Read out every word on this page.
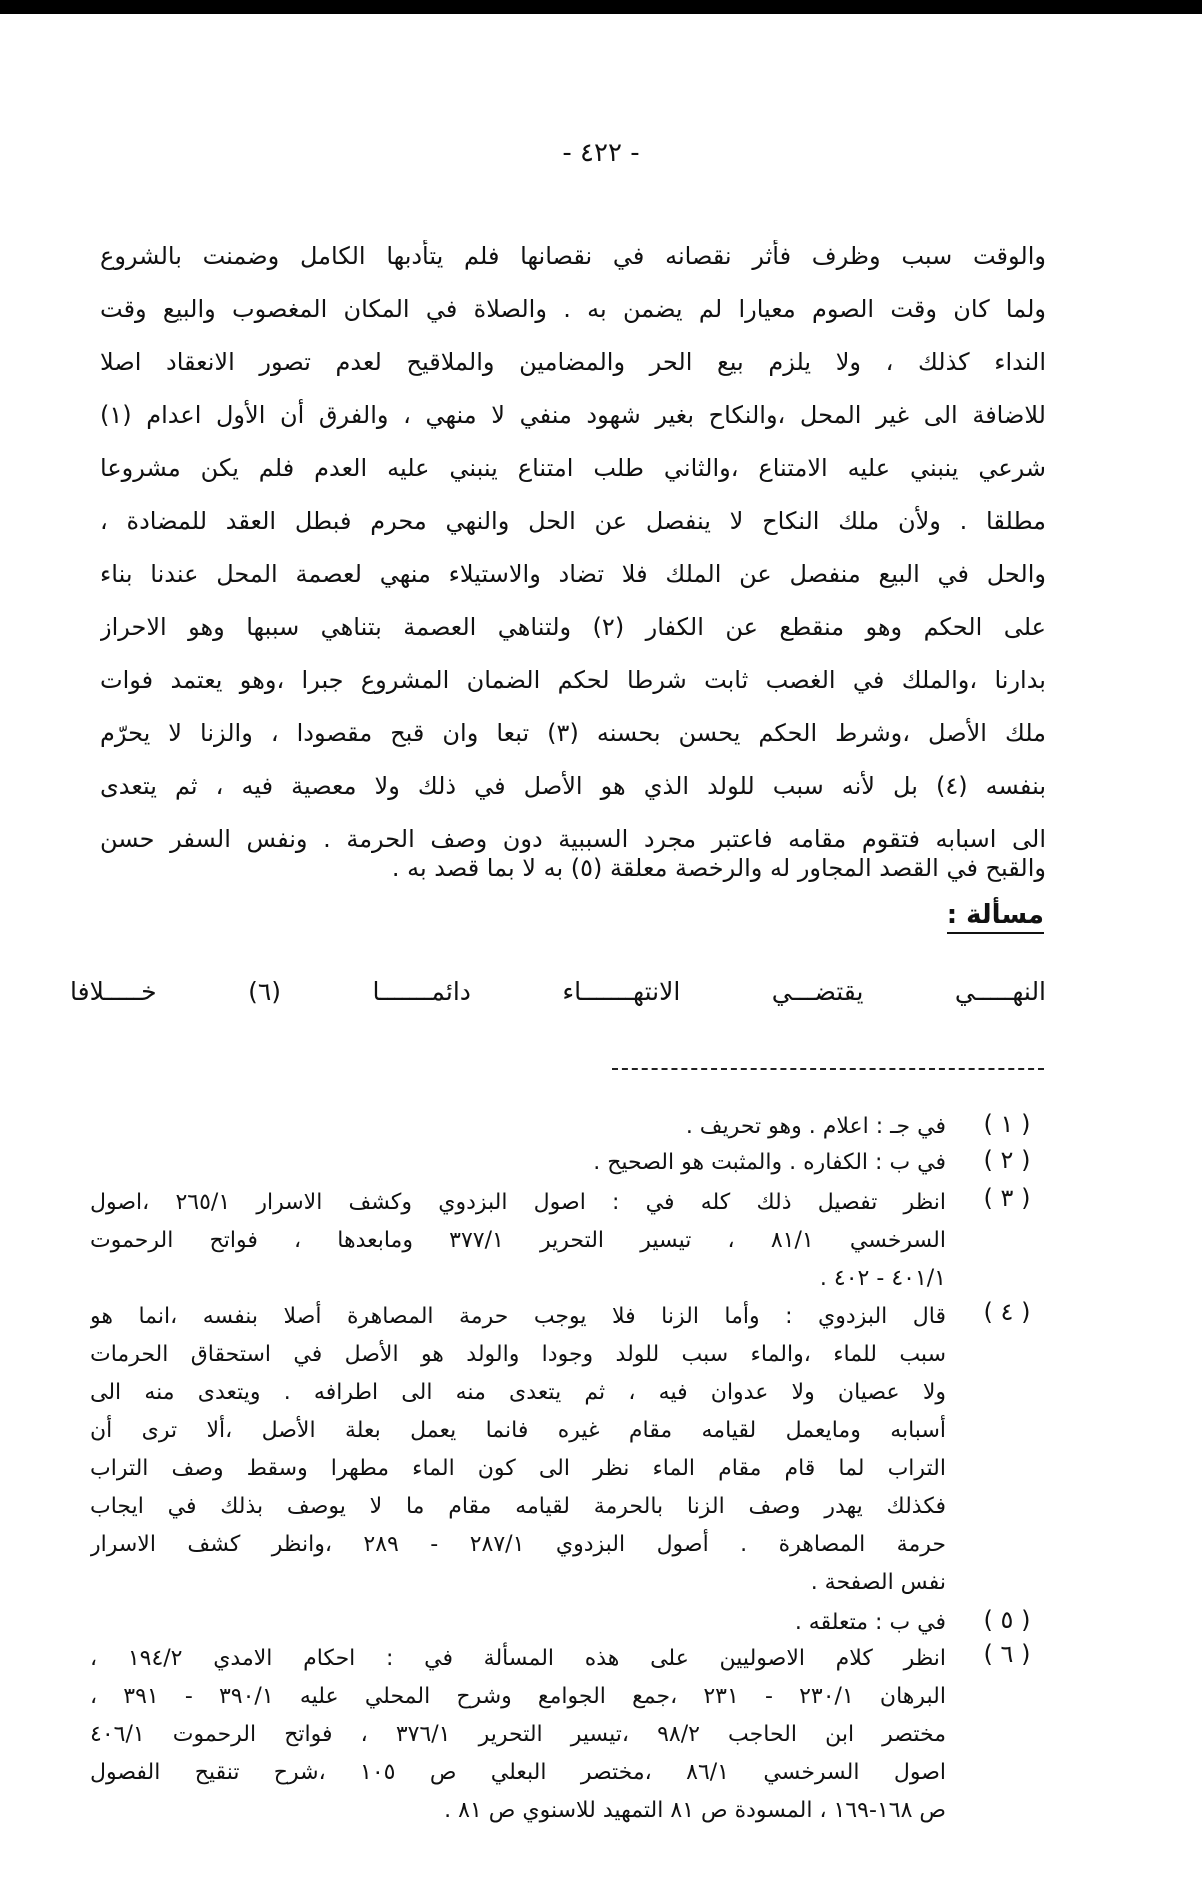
- ٤٢٢ -
والوقت سبب وظرف فأثر نقصانه في نقصانها فلم يتأدبها الكامل وضمنت بالشروع
ولما كان وقت الصوم معيارا لم يضمن به . والصلاة في المكان المغصوب والبيع وقت
النداء كذلك ، ولا يلزم بيع الحر والمضامين والملاقيح لعدم تصور الانعقاد اصلا
للاضافة الى غير المحل ،والنكاح بغير شهود منفي لا منهي ، والفرق أن الأول اعدام (١)
شرعي ينبني عليه الامتناع ،والثاني طلب امتناع ينبني عليه العدم فلم يكن مشروعا
مطلقا . ولأن ملك النكاح لا ينفصل عن الحل والنهي محرم فبطل العقد للمضادة ،
والحل في البيع منفصل عن الملك فلا تضاد والاستيلاء منهي لعصمة المحل عندنا بناء
على الحكم وهو منقطع عن الكفار (٢) ولتناهي العصمة بتناهي سببها وهو الاحراز
بدارنا ،والملك في الغصب ثابت شرطا لحكم الضمان المشروع جبرا ،وهو يعتمد فوات
ملك الأصل ،وشرط الحكم يحسن بحسنه (٣) تبعا وان قبح مقصودا ، والزنا لا يحرّم
بنفسه (٤) بل لأنه سبب للولد الذي هو الأصل في ذلك ولا معصية فيه ، ثم يتعدى
الى اسبابه فتقوم مقامه فاعتبر مجرد السببية دون وصف الحرمة . ونفس السفر حسن
والقبح في القصد المجاور له والرخصة معلقة (٥) به لا بما قصد به .
مسألة :
النهـــــي يقتضـــي الانتهـــــــاء دائمـــــــا (٦) خـــــلافا
( ١ )
في جـ : اعلام . وهو تحريف .
( ٢ )
في ب : الكفاره . والمثبت هو الصحيح .
( ٣ )
انظر تفصيل ذلك كله في : اصول البزدوي وكشف الاسرار ٢٦٥/١ ،اصول
السرخسي ٨١/١ ، تيسير التحرير ٣٧٧/١ ومابعدها ، فواتح الرحموت
٤٠١/١ - ٤٠٢ .
( ٤ )
قال البزدوي : وأما الزنا فلا يوجب حرمة المصاهرة أصلا بنفسه ،انما هو
سبب للماء ،والماء سبب للولد وجودا والولد هو الأصل في استحقاق الحرمات
ولا عصيان ولا عدوان فيه ، ثم يتعدى منه الى اطرافه . ويتعدى منه الى
أسبابه ومايعمل لقيامه مقام غيره فانما يعمل بعلة الأصل ،ألا ترى أن
التراب لما قام مقام الماء نظر الى كون الماء مطهرا وسقط وصف التراب
فكذلك يهدر وصف الزنا بالحرمة لقيامه مقام ما لا يوصف بذلك في ايجاب
حرمة المصاهرة . أصول البزدوي ٢٨٧/١ - ٢٨٩ ،وانظر كشف الاسرار
نفس الصفحة .
( ٥ )
في ب : متعلقه .
( ٦ )
انظر كلام الاصوليين على هذه المسألة في : احكام الامدي ١٩٤/٢ ،
البرهان ٢٣٠/١ - ٢٣١ ،جمع الجوامع وشرح المحلي عليه ٣٩٠/١ - ٣٩١ ،
مختصر ابن الحاجب ٩٨/٢ ،تيسير التحرير ٣٧٦/١ ، فواتح الرحموت ٤٠٦/١
اصول السرخسي ٨٦/١ ،مختصر البعلي ص ١٠٥ ،شرح تنقيح الفصول
ص ١٦٨-١٦٩ ، المسودة ص ٨١ التمهيد للاسنوي ص ٨١ .
